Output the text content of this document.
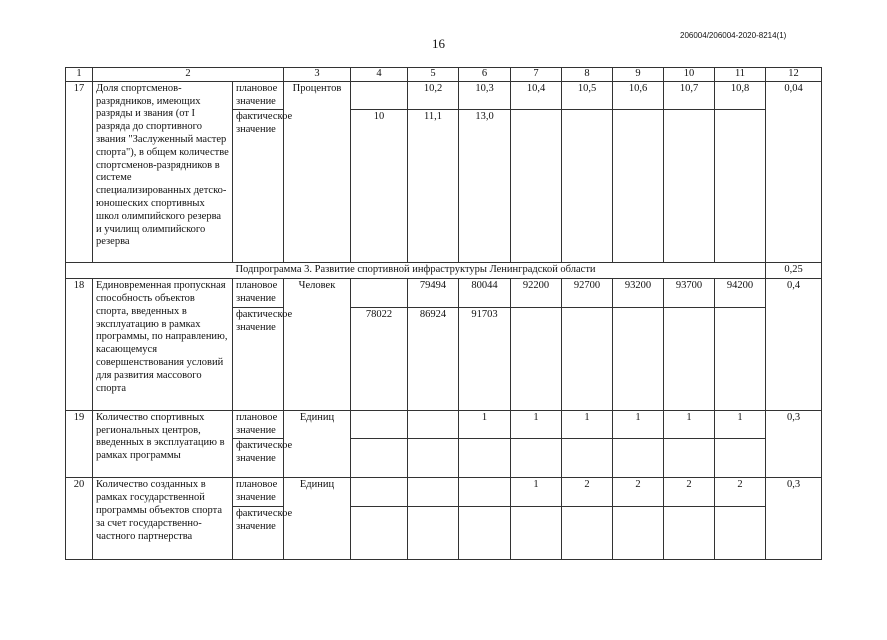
16
206004/206004-2020-8214(1)
1	2		3	4	5	6	7	8	9	10	11	12
17	Доля спортсменов-разрядников, имеющих разряды и звания (от I разряда до спортивного звания "Заслуженный мастер спорта"), в общем количестве спортсменов-разрядников в системе специализированных детско-юношеских спортивных школ олимпийского резерва и училищ олимпийского резерва	плановое значение	Процентов		10,2	10,3	10,4	10,5	10,6	10,7	10,8	0,04
		фактическое значение		10	11,1	13,0						
Подпрограмма 3. Развитие спортивной инфраструктуры Ленинградской области												0,25
18	Единовременная пропускная способность объектов спорта, введенных в эксплуатацию в рамках программы, по направлению, касающемуся совершенствования условий для развития массового спорта	плановое значение	Человек		79494	80044	92200	92700	93200	93700	94200	0,4
		фактическое значение		78022	86924	91703						
19	Количество спортивных региональных центров, введенных в эксплуатацию в рамках программы	плановое значение	Единиц			1	1	1	1	1	1	0,3
		фактическое значение										
20	Количество созданных в рамках государственной программы объектов спорта за счет государственно-частного партнерства	плановое значение	Единиц				1	2	2	2	2	0,3
		фактическое значение										
